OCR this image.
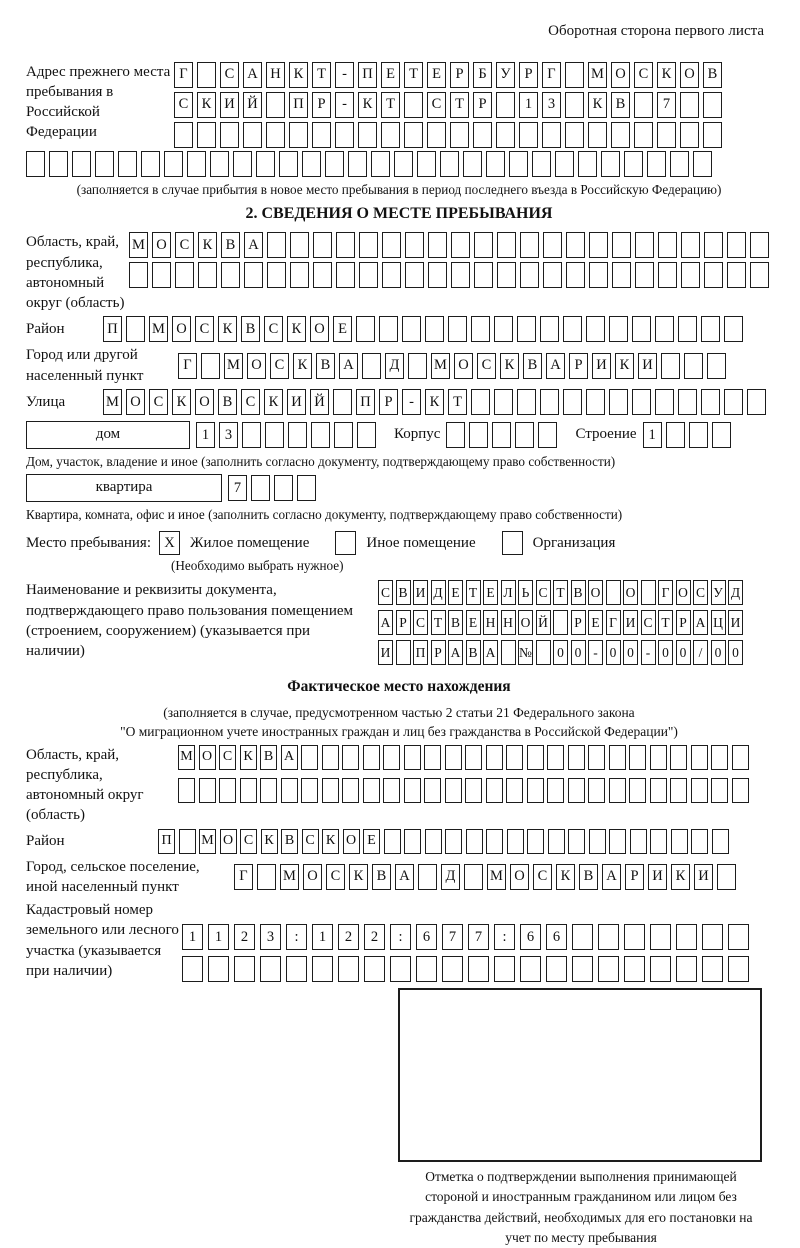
Оборотная сторона первого листа
Адрес прежнего места пребывания в Российской Федерации
Г	С А Н К Т	-	П Е Т Е	Р	Б У Р	Г	М О С К О В
С К И Й П Р	-	К Т	С Т	Р	1	3	К В	7
(заполняется в случае прибытия в новое место пребывания в период последнего въезда в Российскую Федерацию)
2. СВЕДЕНИЯ О МЕСТЕ ПРЕБЫВАНИЯ
Область, край, республика, автономный округ (область)
М О С К В А
Район	П М О С К В С К О Е
Город или другой населенный пункт
Г	М О С К В А	Д	М О С К В А Р И К И
Улица	М О С К О В С К И Й П Р	-	К Т
дом	1	3	Корпус	Строение 1
Дом, участок, владение и иное (заполнить согласно документу, подтверждающему право собственности)
квартира	7
Квартира, комната, офис и иное (заполнить согласно документу, подтверждающему право собственности)
Место пребывания: X	Жилое помещение	Иное помещение	Организация
(Необходимо выбрать нужное)
Наименование и реквизиты документа, подтверждающего право пользования помещением (строением, сооружением) (указывается при наличии)
С В И Д Е Т Е Л Ь С Т В О О Г О С У Д
А Р С Т В Е Н Н О Й Р Е Г И С Т Р А Ц И
И П Р А В А №	0 0 - 0 0 - 0 0 / 0 0
Фактическое место нахождения
(заполняется в случае, предусмотренном частью 2 статьи 21 Федерального закона
"О миграционном учете иностранных граждан и лиц без гражданства в Российской Федерации")
Область, край, республика, автономный округ (область)
М О С К В А
Район	П М О С К В С К О Е
Город, сельское поселение, иной населенный пункт
Г	М О С К В А	Д	М О С К В А Р И К И
Кадастровый номер земельного или лесного участка (указывается при наличии)
1	1	2	3	:	1	2	2	:	6	7	7	:	6	6
Отметка о подтверждении выполнения принимающей стороной и иностранным гражданином или лицом без гражданства действий, необходимых для его постановки на учет по месту пребывания
